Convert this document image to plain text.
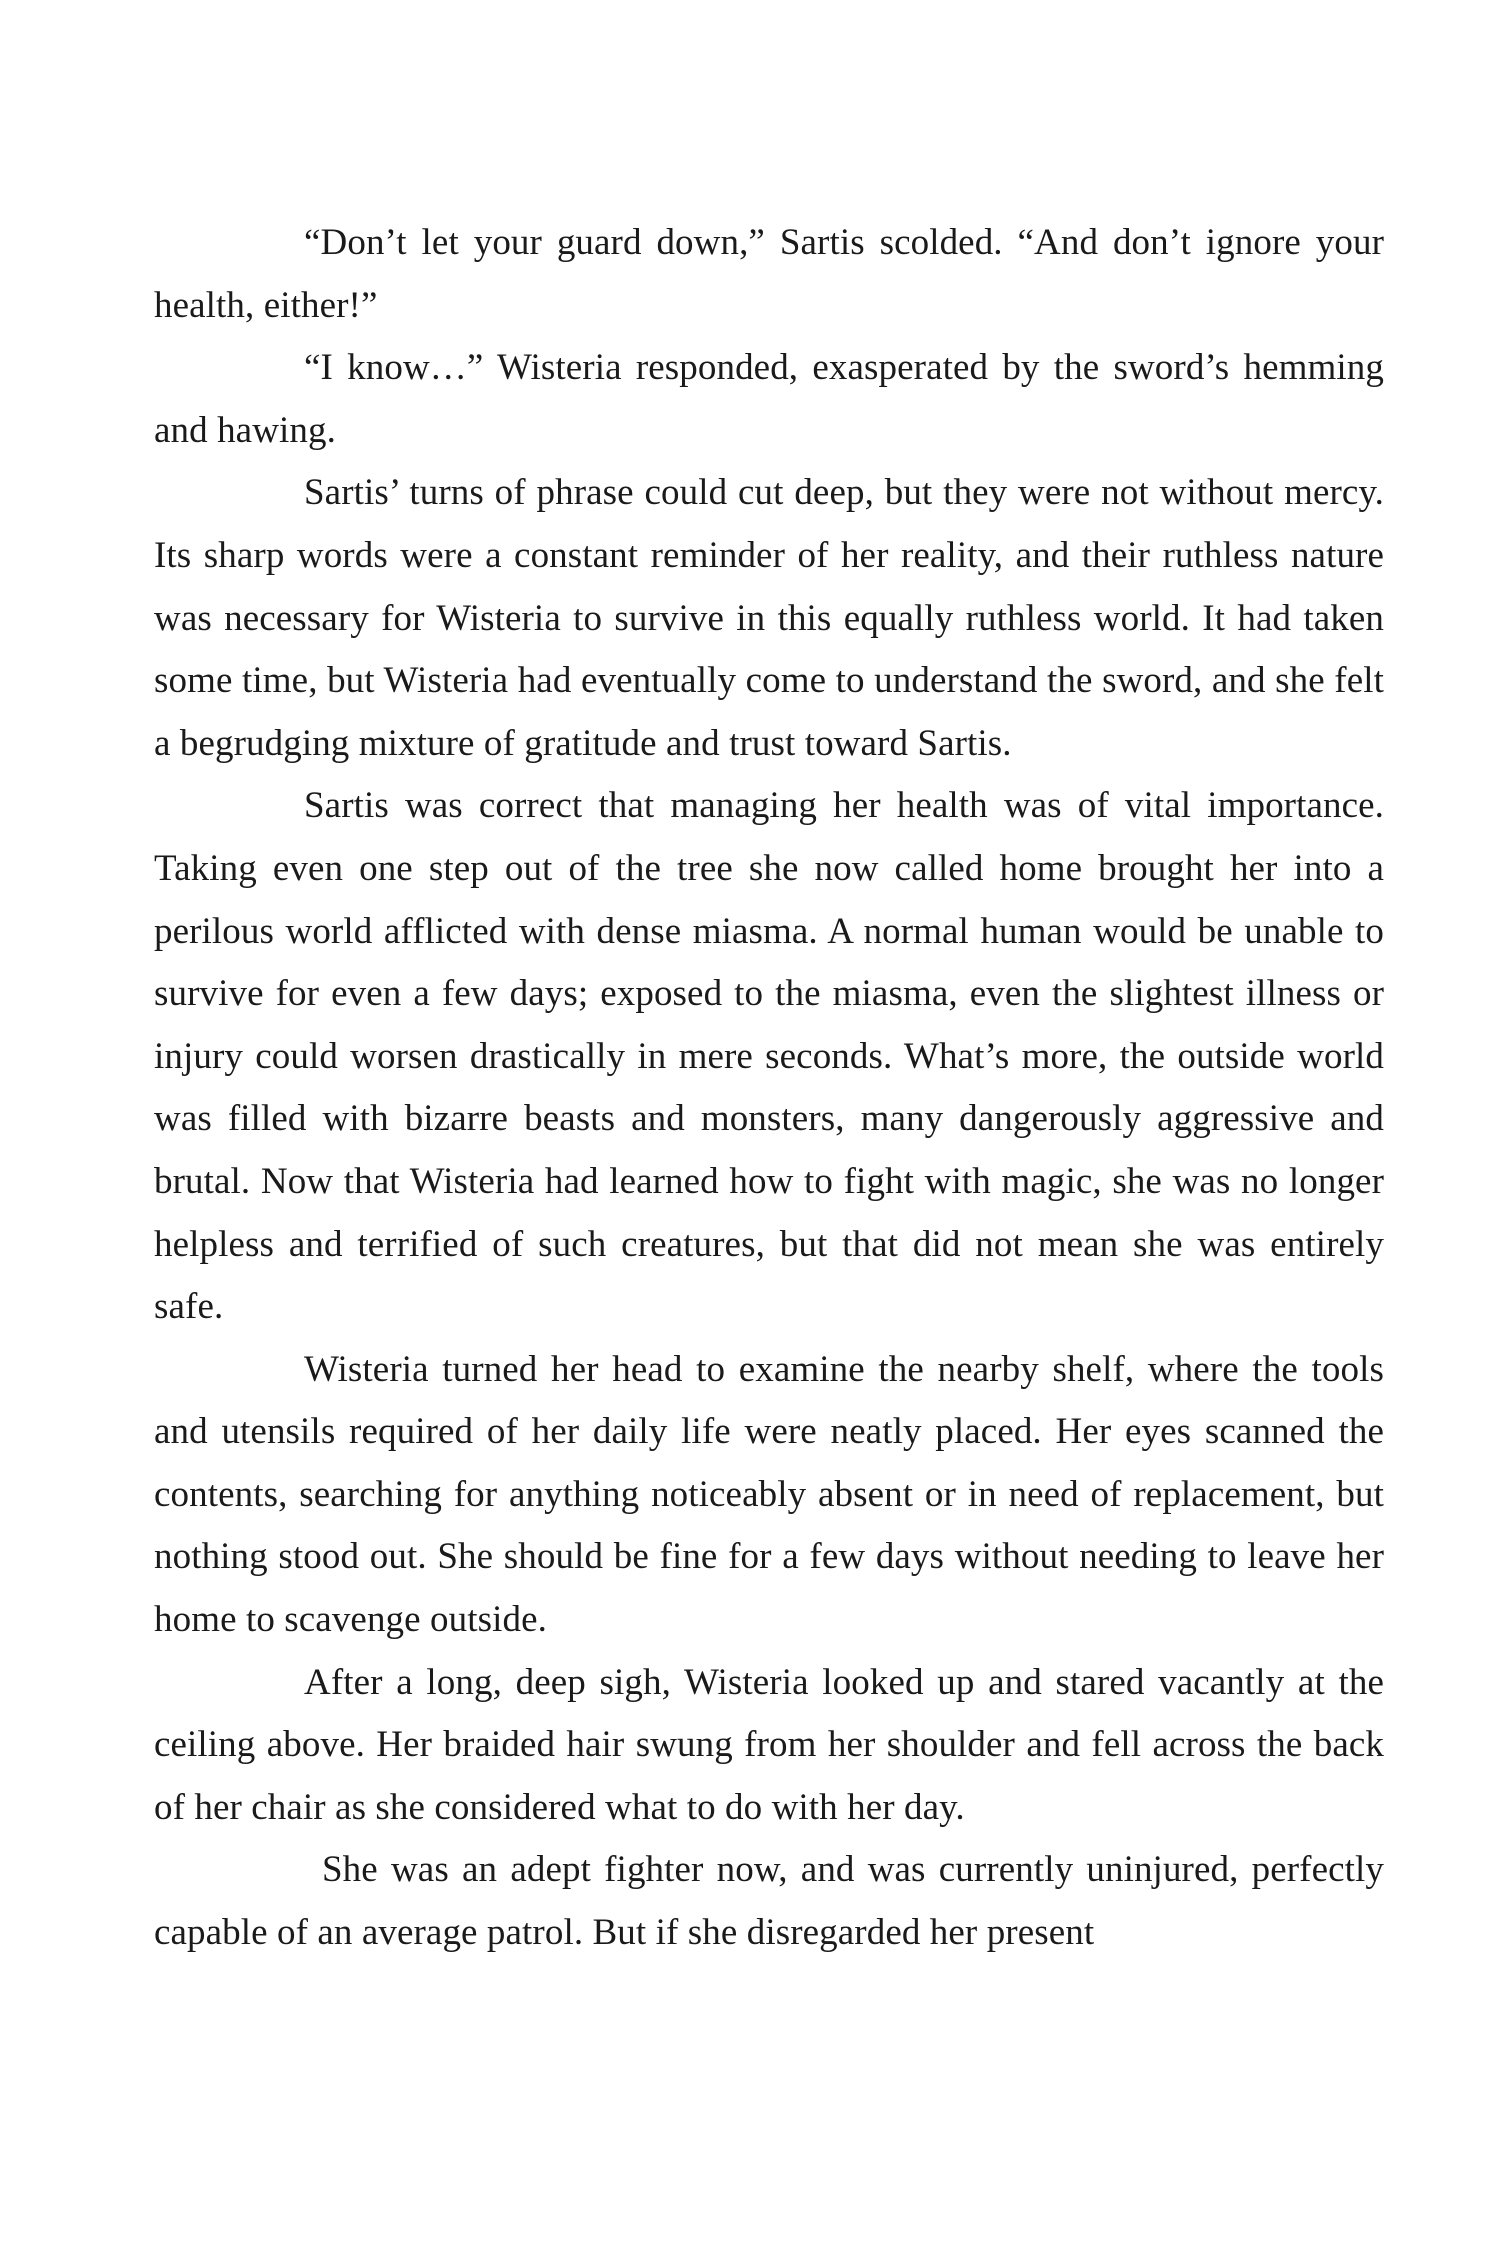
“Don’t let your guard down,” Sartis scolded. “And don’t ignore your health, either!”

“I know…” Wisteria responded, exasperated by the sword’s hemming and hawing.

Sartis’ turns of phrase could cut deep, but they were not without mercy. Its sharp words were a constant reminder of her reality, and their ruthless nature was necessary for Wisteria to survive in this equally ruthless world. It had taken some time, but Wisteria had eventually come to understand the sword, and she felt a begrudging mixture of gratitude and trust toward Sartis.

Sartis was correct that managing her health was of vital importance. Taking even one step out of the tree she now called home brought her into a perilous world afflicted with dense miasma. A normal human would be unable to survive for even a few days; exposed to the miasma, even the slightest illness or injury could worsen drastically in mere seconds. What’s more, the outside world was filled with bizarre beasts and monsters, many dangerously aggressive and brutal. Now that Wisteria had learned how to fight with magic, she was no longer helpless and terrified of such creatures, but that did not mean she was entirely safe.

Wisteria turned her head to examine the nearby shelf, where the tools and utensils required of her daily life were neatly placed. Her eyes scanned the contents, searching for anything noticeably absent or in need of replacement, but nothing stood out. She should be fine for a few days without needing to leave her home to scavenge outside.

After a long, deep sigh, Wisteria looked up and stared vacantly at the ceiling above. Her braided hair swung from her shoulder and fell across the back of her chair as she considered what to do with her day.

She was an adept fighter now, and was currently uninjured, perfectly capable of an average patrol. But if she disregarded her present
